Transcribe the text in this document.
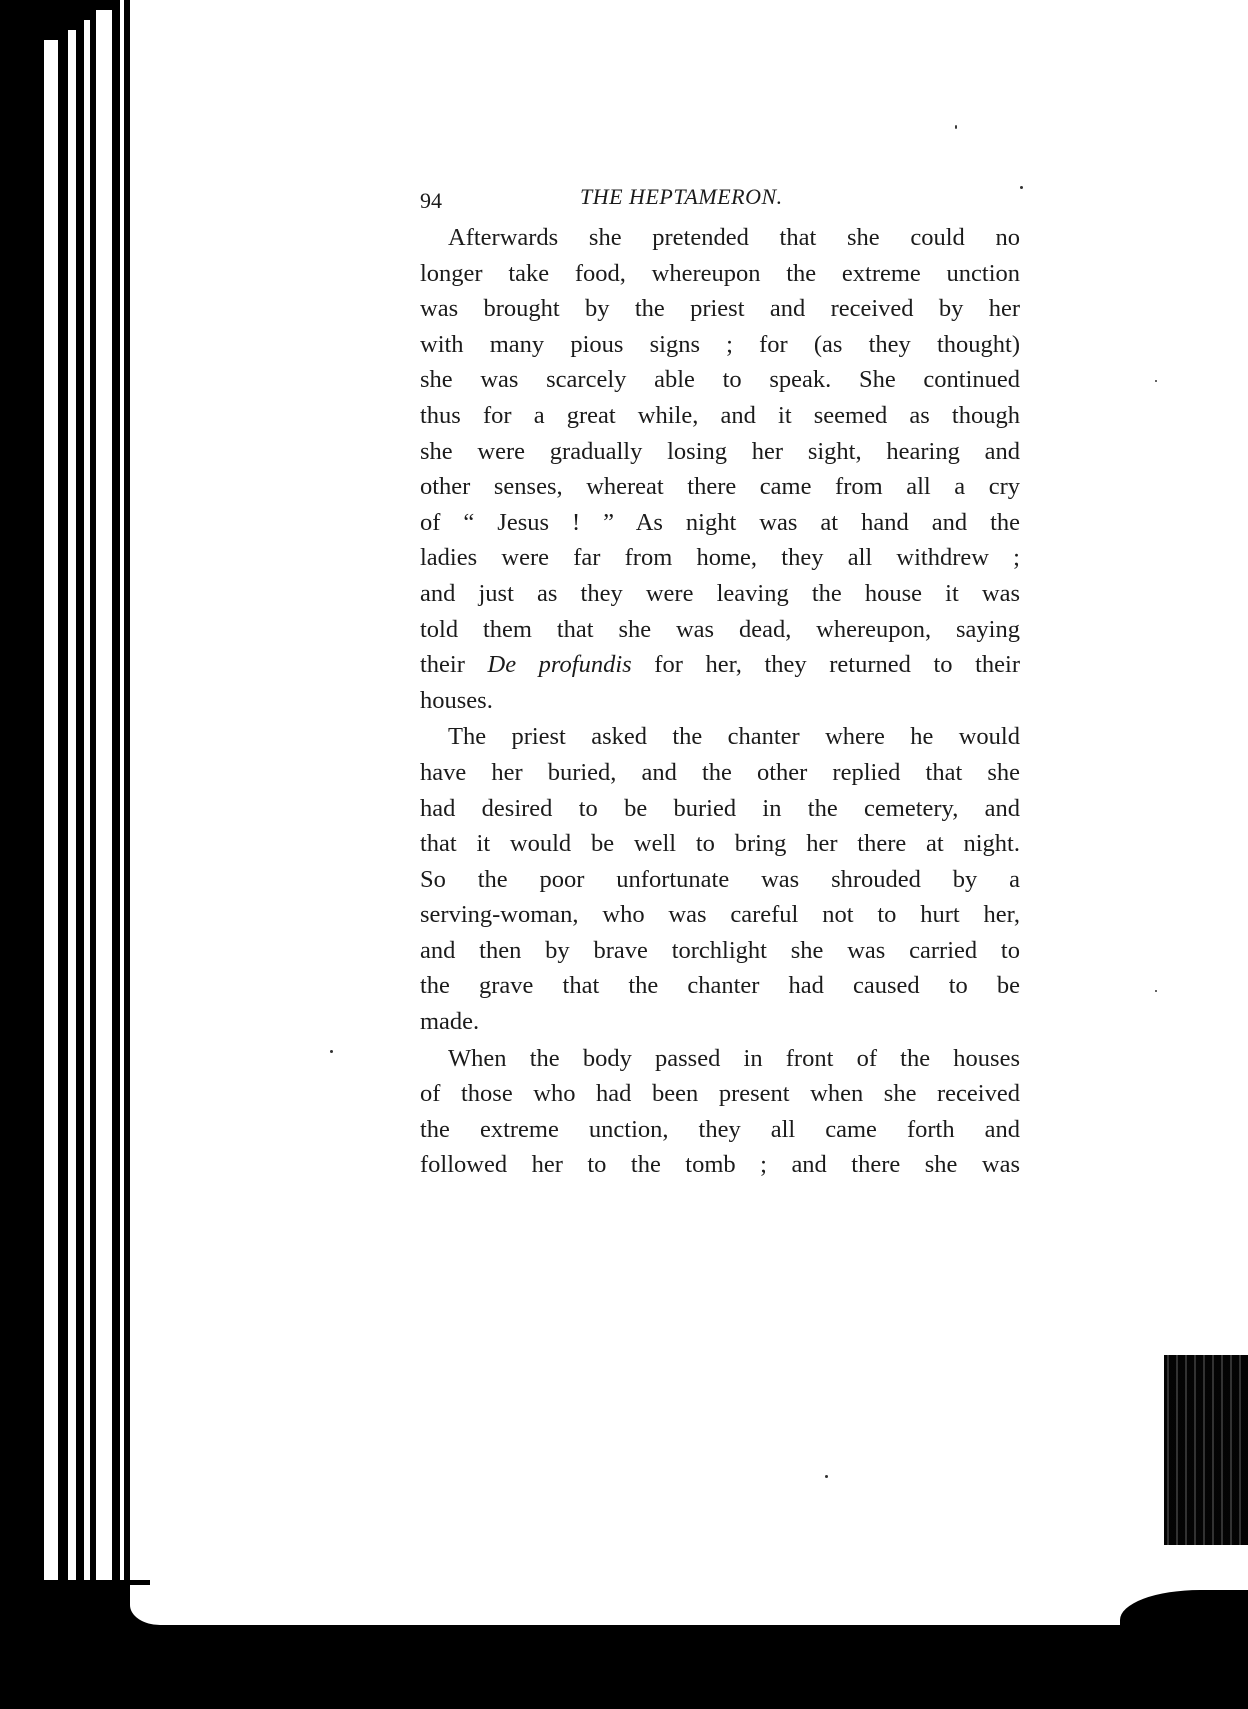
94	THE HEPTAMERON.
Afterwards she pretended that she could no
longer take food, whereupon the extreme unction
was brought by the priest and received by her
with many pious signs ; for (as they thought)
she was scarcely able to speak. She continued
thus for a great while, and it seemed as though
she were gradually losing her sight, hearing and
other senses, whereat there came from all a cry
of “ Jesus ! ” As night was at hand and the
ladies were far from home, they all withdrew ;
and just as they were leaving the house it was
told them that she was dead, whereupon, saying
their De profundis for her, they returned to their
houses.
The priest asked the chanter where he would
have her buried, and the other replied that she
had desired to be buried in the cemetery, and
that it would be well to bring her there at night.
So the poor unfortunate was shrouded by a
serving-woman, who was careful not to hurt her,
and then by brave torchlight she was carried to
the grave that the chanter had caused to be
made.
When the body passed in front of the houses
of those who had been present when she received
the extreme unction, they all came forth and
followed her to the tomb ; and there she was
